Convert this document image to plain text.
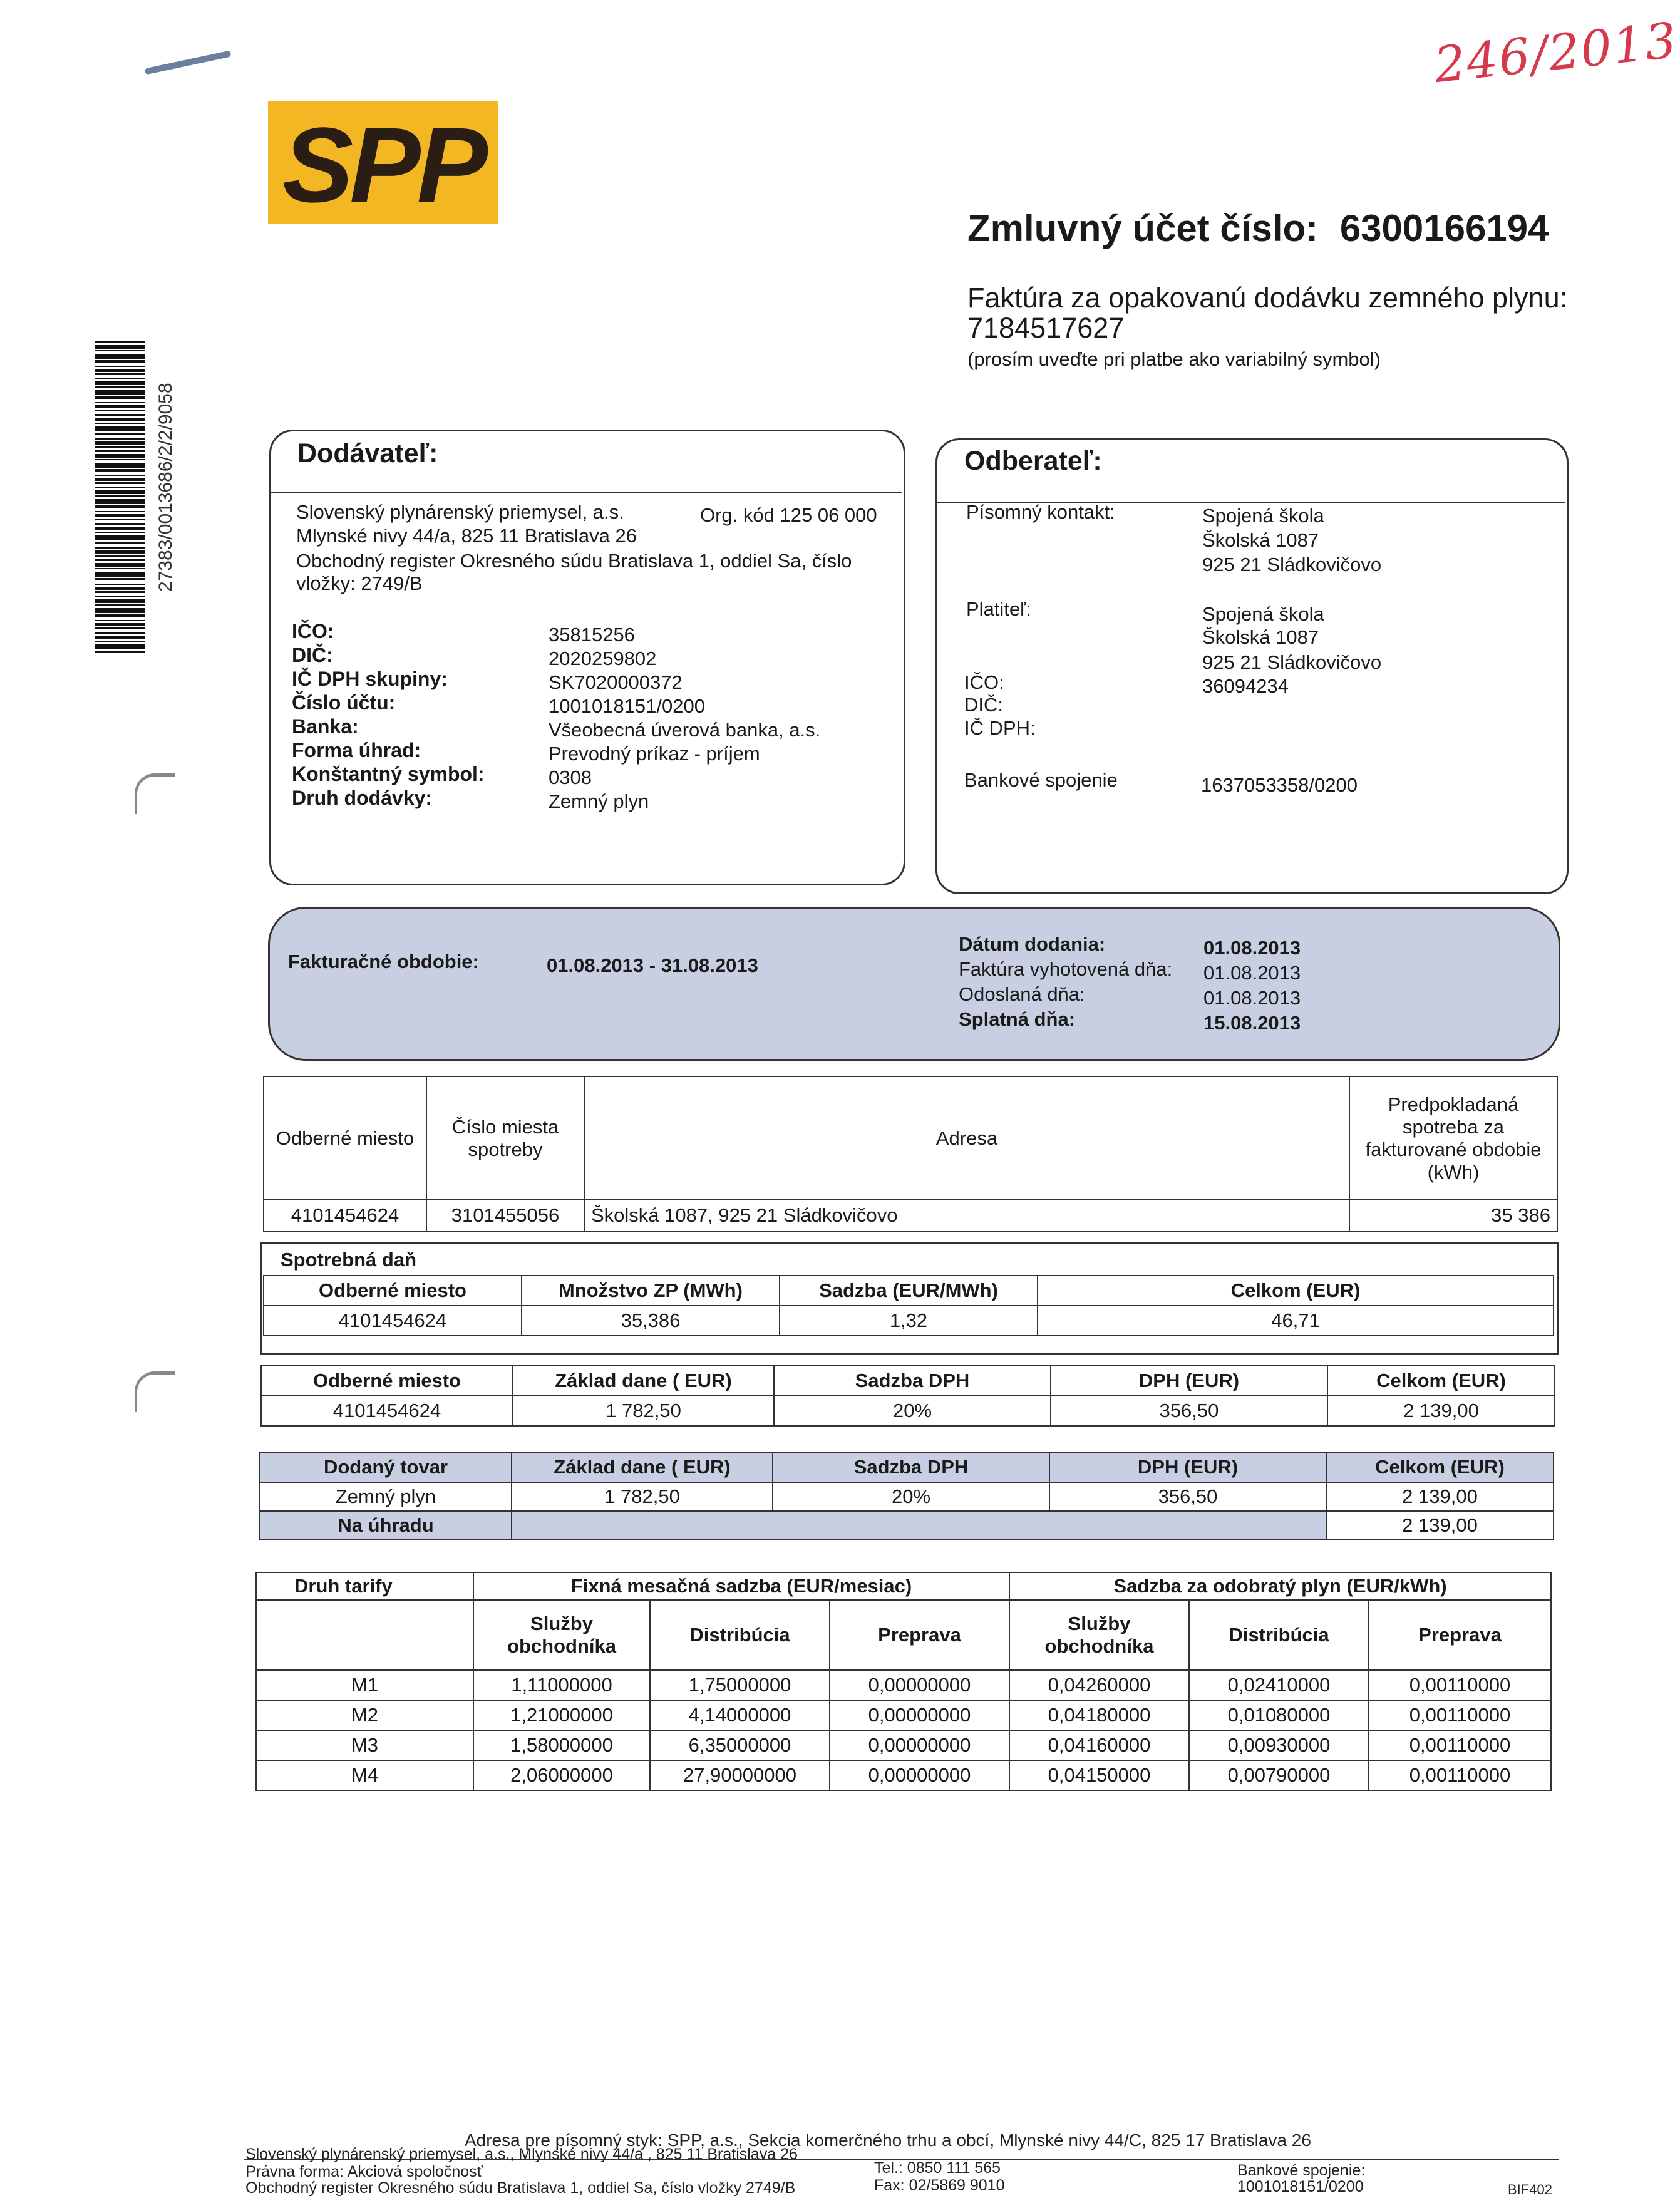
246/2013
SPP
27383/0013686/2/2/9058
Zmluvný účet číslo: 6300166194
Faktúra za opakovanú dodávku zemného plynu:
7184517627
(prosím uveďte pri platbe ako variabilný symbol)
Dodávateľ:
Slovenský plynárenský priemysel, a.s.	Org. kód 125 06 000
Mlynské nivy 44/a, 825 11 Bratislava 26
Obchodný register Okresného súdu Bratislava 1, oddiel Sa, číslo
vložky: 2749/B
IČO:	35815256
DIČ:	2020259802
IČ DPH skupiny:	SK7020000372
Číslo účtu:	1001018151/0200
Banka:	Všeobecná úverová banka, a.s.
Forma úhrad:	Prevodný príkaz - príjem
Konštantný symbol:	0308
Druh dodávky:	Zemný plyn
Odberateľ:
Písomný kontakt:	Spojená škola
Školská 1087
925 21 Sládkovičovo
Platiteľ:	Spojená škola
Školská 1087
925 21 Sládkovičovo
IČO:	36094234
DIČ:
IČ DPH:
Bankové spojenie	1637053358/0200
Fakturačné obdobie:	01.08.2013 - 31.08.2013
Dátum dodania:	01.08.2013
Faktúra vyhotovená dňa: 01.08.2013
Odoslaná dňa:	01.08.2013
Splatná dňa:	15.08.2013
Odberné miesto	Číslo miesta spotreby	Adresa	Predpokladaná spotreba za fakturované obdobie (kWh)
4101454624	3101455056	Školská 1087, 925 21 Sládkovičovo	35 386
Spotrebná daň
Odberné miesto	Množstvo ZP (MWh)	Sadzba (EUR/MWh)	Celkom (EUR)
4101454624	35,386	1,32	46,71
Odberné miesto	Základ dane ( EUR)	Sadzba DPH	DPH (EUR)	Celkom (EUR)
4101454624	1 782,50	20%	356,50	2 139,00
Dodaný tovar	Základ dane ( EUR)	Sadzba DPH	DPH (EUR)	Celkom (EUR)
Zemný plyn	1 782,50	20%	356,50	2 139,00
Na úhradu				2 139,00
Druh tarify	Fixná mesačná sadzba (EUR/mesiac)			Sadzba za odobratý plyn (EUR/kWh)		
	Služby obchodníka	Distribúcia	Preprava	Služby obchodníka	Distribúcia	Preprava
M1	1,11000000	1,75000000	0,00000000	0,04260000	0,02410000	0,00110000
M2	1,21000000	4,14000000	0,00000000	0,04180000	0,01080000	0,00110000
M3	1,58000000	6,35000000	0,00000000	0,04160000	0,00930000	0,00110000
M4	2,06000000	27,90000000	0,00000000	0,04150000	0,00790000	0,00110000
Adresa pre písomný styk: SPP, a.s., Sekcia komerčného trhu a obcí, Mlynské nivy 44/C, 825 17 Bratislava 26
Slovenský plynárenský priemysel, a.s., Mlynské nivy 44/a , 825 11 Bratislava 26
Právna forma: Akciová spoločnosť
Obchodný register Okresného súdu Bratislava 1, oddiel Sa, číslo vložky 2749/B
Tel.: 0850 111 565
Fax: 02/5869 9010
Bankové spojenie:
1001018151/0200	BIF402
